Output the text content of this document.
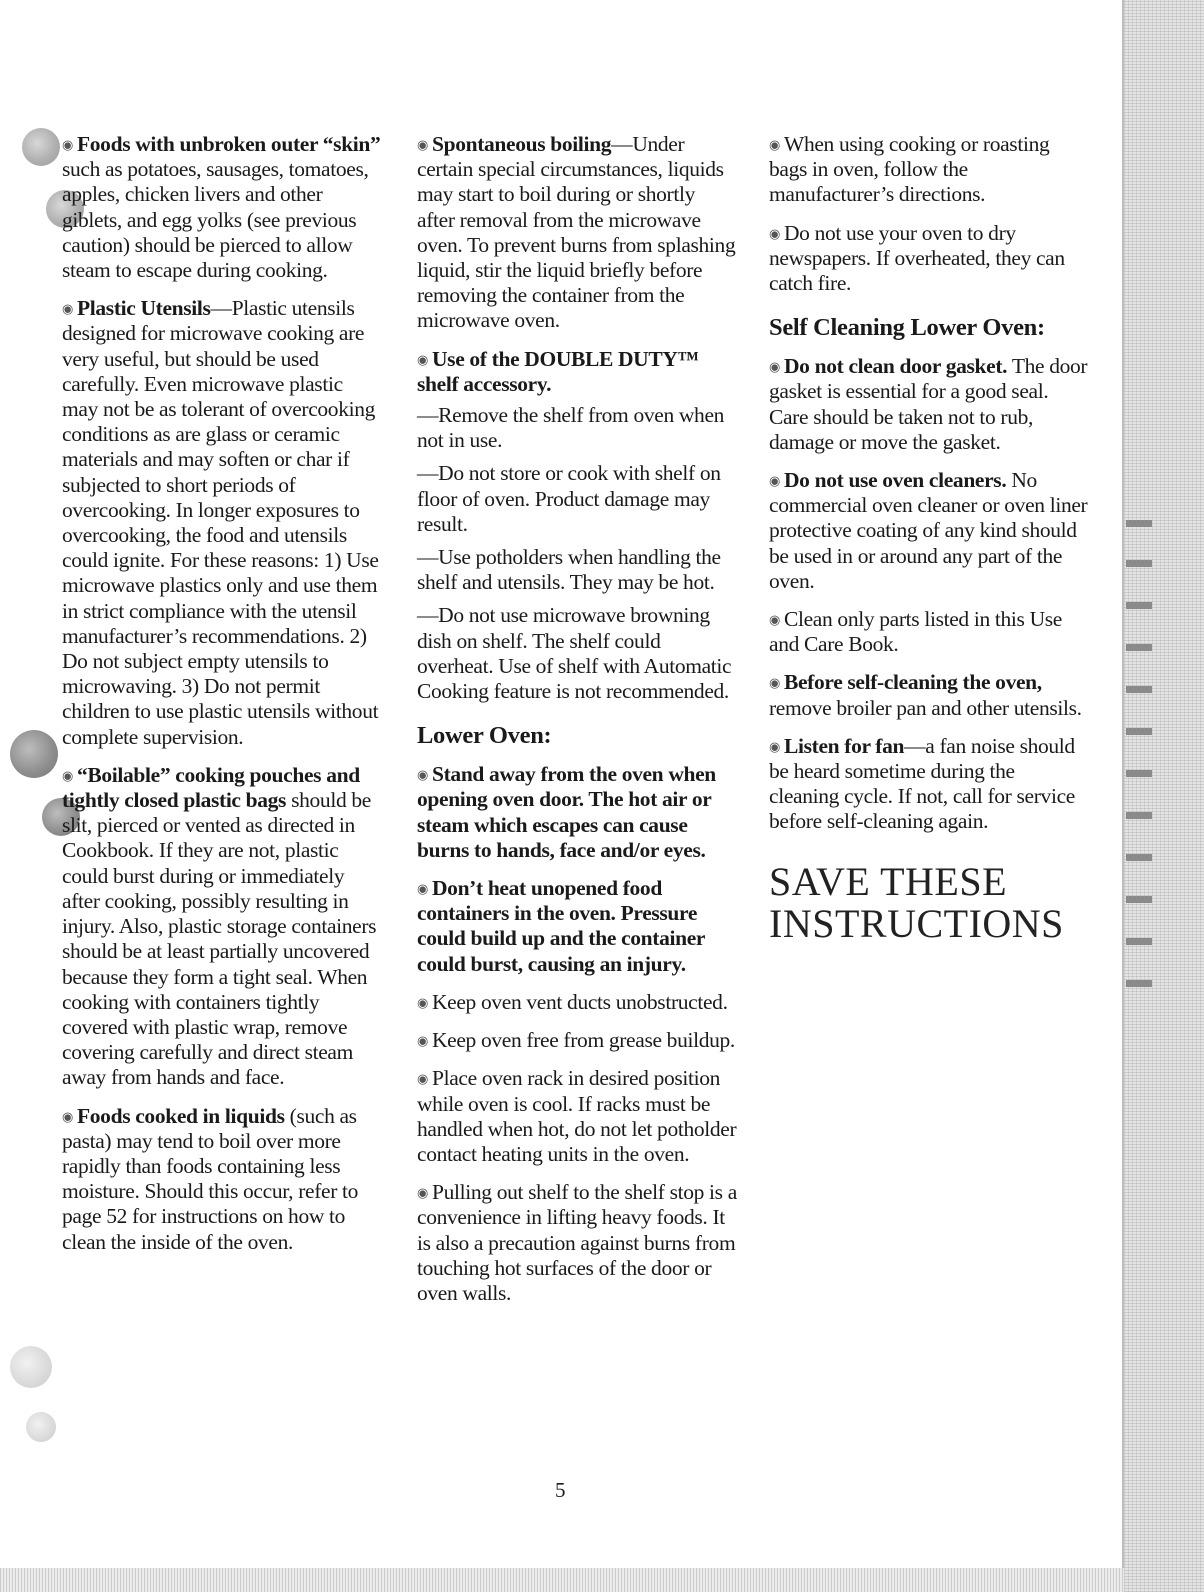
◉ Foods with unbroken outer “skin” such as potatoes, sausages, tomatoes, apples, chicken livers and other giblets, and egg yolks (see previous caution) should be pierced to allow steam to escape during cooking.

◉ Plastic Utensils—Plastic utensils designed for microwave cooking are very useful, but should be used carefully. Even microwave plastic may not be as tolerant of overcooking conditions as are glass or ceramic materials and may soften or char if subjected to short periods of overcooking. In longer exposures to overcooking, the food and utensils could ignite. For these reasons: 1) Use microwave plastics only and use them in strict compliance with the utensil manufacturer’s recommendations. 2) Do not subject empty utensils to microwaving. 3) Do not permit children to use plastic utensils without complete supervision.

◉ “Boilable” cooking pouches and tightly closed plastic bags should be slit, pierced or vented as directed in Cookbook. If they are not, plastic could burst during or immediately after cooking, possibly resulting in injury. Also, plastic storage containers should be at least partially uncovered because they form a tight seal. When cooking with containers tightly covered with plastic wrap, remove covering carefully and direct steam away from hands and face.

◉ Foods cooked in liquids (such as pasta) may tend to boil over more rapidly than foods containing less moisture. Should this occur, refer to page 52 for instructions on how to clean the inside of the oven.

◉ Spontaneous boiling—Under certain special circumstances, liquids may start to boil during or shortly after removal from the microwave oven. To prevent burns from splashing liquid, stir the liquid briefly before removing the container from the microwave oven.

◉ Use of the DOUBLE DUTY™ shelf accessory.

—Remove the shelf from oven when not in use.

—Do not store or cook with shelf on floor of oven. Product damage may result.

—Use potholders when handling the shelf and utensils. They may be hot.

—Do not use microwave browning dish on shelf. The shelf could overheat. Use of shelf with Automatic Cooking feature is not recommended.

Lower Oven:

◉ Stand away from the oven when opening oven door. The hot air or steam which escapes can cause burns to hands, face and/or eyes.

◉ Don’t heat unopened food containers in the oven. Pressure could build up and the container could burst, causing an injury.

◉ Keep oven vent ducts unobstructed.

◉ Keep oven free from grease buildup.

◉ Place oven rack in desired position while oven is cool. If racks must be handled when hot, do not let potholder contact heating units in the oven.

◉ Pulling out shelf to the shelf stop is a convenience in lifting heavy foods. It is also a precaution against burns from touching hot surfaces of the door or oven walls.

◉ When using cooking or roasting bags in oven, follow the manufacturer’s directions.

◉ Do not use your oven to dry newspapers. If overheated, they can catch fire.

Self Cleaning Lower Oven:

◉ Do not clean door gasket. The door gasket is essential for a good seal. Care should be taken not to rub, damage or move the gasket.

◉ Do not use oven cleaners. No commercial oven cleaner or oven liner protective coating of any kind should be used in or around any part of the oven.

◉ Clean only parts listed in this Use and Care Book.

◉ Before self-cleaning the oven, remove broiler pan and other utensils.

◉ Listen for fan—a fan noise should be heard sometime during the cleaning cycle. If not, call for service before self-cleaning again.

SAVE THESE
INSTRUCTIONS
5
